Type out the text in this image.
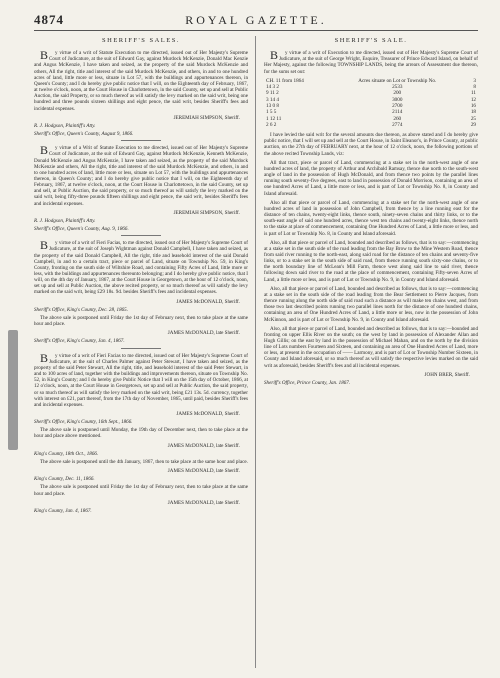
4874	ROYAL GAZETTE.
SHERIFF'S SALES.

By virtue of a writ of Statute Execution to me directed, issued out of Her Majesty's Supreme Court of Judicature, at the suit of Edward Gay, against Murdock McKenzie, Donald Mac Kenzie and Angus McKenzie, I have taken and seized, as the property of the said Murdock McKenzie and others, All the right, title and interest of the said Murdock McKenzie, and others, in and to one hundred acres of land, little more or less, situate in Lot 57, with the buildings and appurtenances thereon, in Queen's County; and I do hereby give public notice that I will, on the Eighteenth day of February, 1867, at twelve o'clock, noon, at the Court House in Charlottetown, in the said County, set up and sell at Public Auction, the said Property, or so much thereof as will satisfy the levy marked on the said writ, being one hundred and three pounds sixteen shillings and eight pence, the said writ, besides Sheriff's fees and incidental expenses.

JEREMIAH SIMPSON, Sheriff.
R. J. Hodgson, Plaintiff's Atty.
Sheriff's Office, Queen's County, August 9, 1866.

By virtue of a Writ of Statute Execution to me directed, issued out of Her Majesty's Supreme Court of Judicature, at the suit of Edward Gay, against Murdock McKenzie, Kenneth McKenzie, Donald McKenzie and Angus McKenzie, I have taken and seized, as the property of the said Murdock McKenzie and others, All the right, title and interest of the said Murdock McKenzie, and others, in and to one hundred acres of land, little more or less, situate on Lot 57, with the buildings and appurtenances thereon, in Queen's County; and I do hereby give public notice that I will, on the Eighteenth day of February, 1867, at twelve o'clock, noon, at the Court House in Charlottetown, in the said County, set up and sell, at Public Auction, the said property, or so much thereof as will satisfy the levy marked on the said writ, being fifty-three pounds fifteen shillings and eight pence, the said writ, besides Sheriff's fees and incidental expenses.

JEREMIAH SIMPSON, Sheriff.
R. J. Hodgson, Plaintiff's Atty.
Sheriff's Office, Queen's County, Aug. 9, 1866.

By virtue of a writ of Fieri Facias, to me directed, issued out of Her Majesty's Supreme Court of Judicature, at the suit of Joseph Wightman against Donald Campbell, I have taken and seized, as the property of the said Donald Campbell, All the right, title and leasehold interest of the said Donald Campbell, in and to a certain tract, piece or parcel of Land, situate on Township No. 59, in King's County, fronting on the south side of Wiltshire Road, and containing Fifty Acres of Land, little more or less, with the buildings and appurtenances thereunto belonging; and I do hereby give public notice, that I will, on the 4th day of January, 1867, at the Court House in Georgetown, at the hour of 12 o'clock, noon, set up and sell at Public Auction, the above recited property, or so much thereof as will satisfy the levy marked on the said writ, being £29 18s. 9d. besides Sheriff's fees and incidental expenses.

JAMES McDONALD, Sheriff.
Sheriff's Office, King's County, Dec. 28, 1865.

The above sale is postponed until Friday the 1st day of February next, then to take place at the same hour and place.

JAMES McDONALD, late Sheriff.
Sheriff's Office, King's County, Jan. 4, 1867.

By virtue of a writ of Fieri Facias to me directed, issued out of Her Majesty's Supreme Court of Judicature, at the suit of Charles Palmer against Peter Stewart, I have taken and seized, as the property of the said Peter Stewart, All the right, title, and leasehold interest of the said Peter Stewart, in and to 100 acres of land, together with the buildings and improvements thereon, situate on Township No. 52, in King's County; and I do hereby give Public Notice that I will on the 15th day of October, 1866, at 12 o'clock, noon, at the Court House in Georgetown, set up and sell at Public Auction, the said property, or so much thereof as will satisfy the levy marked on the said writ, being £21 13s. 5d. currency, together with interest on £21, part thereof, from the 17th day of November, 1865, until paid, besides Sheriff's fees and incidental expenses.

JAMES McDONALD, Sheriff.
Sheriff's Office, King's County, 16th Sept., 1866.

The above sale is postponed until Monday, the 19th day of December next, then to take place at the hour and place above mentioned.

JAMES McDONALD, late Sheriff.
King's County, 18th Oct., 1866.

The above sale is postponed until the 4th January, 1867, then to take place at the same hour and place.

JAMES McDONALD, late Sheriff.
King's County, Dec. 11, 1866.

The above sale is postponed until Friday the 1st day of February next, then to take place at the same hour and place.

JAMES McDONALD, late Sheriff.
King's County, Jan. 4, 1867.
SHERIFF'S SALE.

By virtue of a writ of Execution to me directed, issued out of Her Majesty's Supreme Court of Judicature, at the suit of George Wright, Esquire, Treasurer of Prince Edward Island, on behalf of Her Majesty, against the following TOWNSHIP LANDS, being the arrears of Assessment due thereon, for the sums set out:

CH. 11 from 1864	Acres situate on Lot or Township No.	3
14 3 2	2533	8
9 11 2	200	11
3 14 4	3000	12
13 0 8	2700	16
1 5 5	2114	18
1 12 11	260	25
2 6 2	2774	29

I have levied the said writ for the several amounts due thereon, as above stated and I do hereby give public notice, that I will set up and sell at the Court House, in Saint Eleanor's, in Prince County, at public auction, on the 27th day of FEBRUARY next, at the hour of 12 o'clock, noon, the following portions of the above recited Township Lands, viz:

All that tract, piece or parcel of Land, commencing at a stake set in the north-west angle of one hundred acres of land, the property of Arthur and Archibald Ramsay, thence due north to the south-west angle of land in the possession of Hugh McDonald, and from thence two points by the parallel lines running south seventy-five degrees, east to land in possession of Donald Morrison, containing an area of one hundred Acres of Land, a little more or less, and is part of Lot or Township No. 8, in County and Island aforesaid.

Also all that piece or parcel of Land, commencing at a stake set for the north-west angle of one hundred acres of land in possession of John Campbell, from thence by a line running east for the distance of ten chains, twenty-eight links, thence south, ninety-seven chains and thirty links, or to the south-east angle of said one hundred acres, thence west ten chains and twenty-eight links, thence north to the stake at place of commencement, containing One Hundred Acres of Land, a little more or less, and is part of Lot or Township No. 8, in County and Island aforesaid.

Also, all that piece or parcel of Land, bounded and described as follows, that is to say:—commencing at a stake set in the south side of the road leading from the Bay Brow to the Mine Western Road, thence from said river running to the north-east, along said road for the distance of ten chains and seventy-five links, or to a stake set in the south side of said road, from thence running south sixty-one chains, or to the north boundary line of McLean's Mill Farm, thence west along said line to said river, thence following down said river to the road at the place of commencement, containing Fifty-seven Acres of Land, a little more or less, and is part of Lot or Township No. 9, in County and Island aforesaid.

Also, all that piece or parcel of Land, bounded and described as follows, that is to say:—commencing at a stake set in the south side of the road leading from the Bear Settlement to Pierre Jacques, from thence running along the north side of said road such a distance as will make ten chains west, and from those two last described points running two parallel lines north for the distance of one hundred chains, containing an area of One Hundred Acres of Land, a little more or less, now in the possession of John McKinnon, and is part of Lot or Township No. 9, in County and Island aforesaid.

Also, all that piece or parcel of Land, bounded and described as follows, that is to say:—bounded and fronting on upper Ellis River on the south; on the west by land in possession of Alexander Allan and Hugh Gillis; on the east by land in the possession of Michael Mahan, and on the north by the division line of Lots numbers Fourteen and Sixteen, and containing an area of One Hundred Acres of Land, more or less, at present in the occupation of —— Larmony, and is part of Lot or Township Number Sixteen, in County and Island aforesaid, or so much thereof as will satisfy the respective levies marked on the said writ as aforesaid, besides Sheriff's fees and all incidental expenses.

JOHN BRER, Sheriff.
Sheriff's Office, Prince County, Jan. 1867.
